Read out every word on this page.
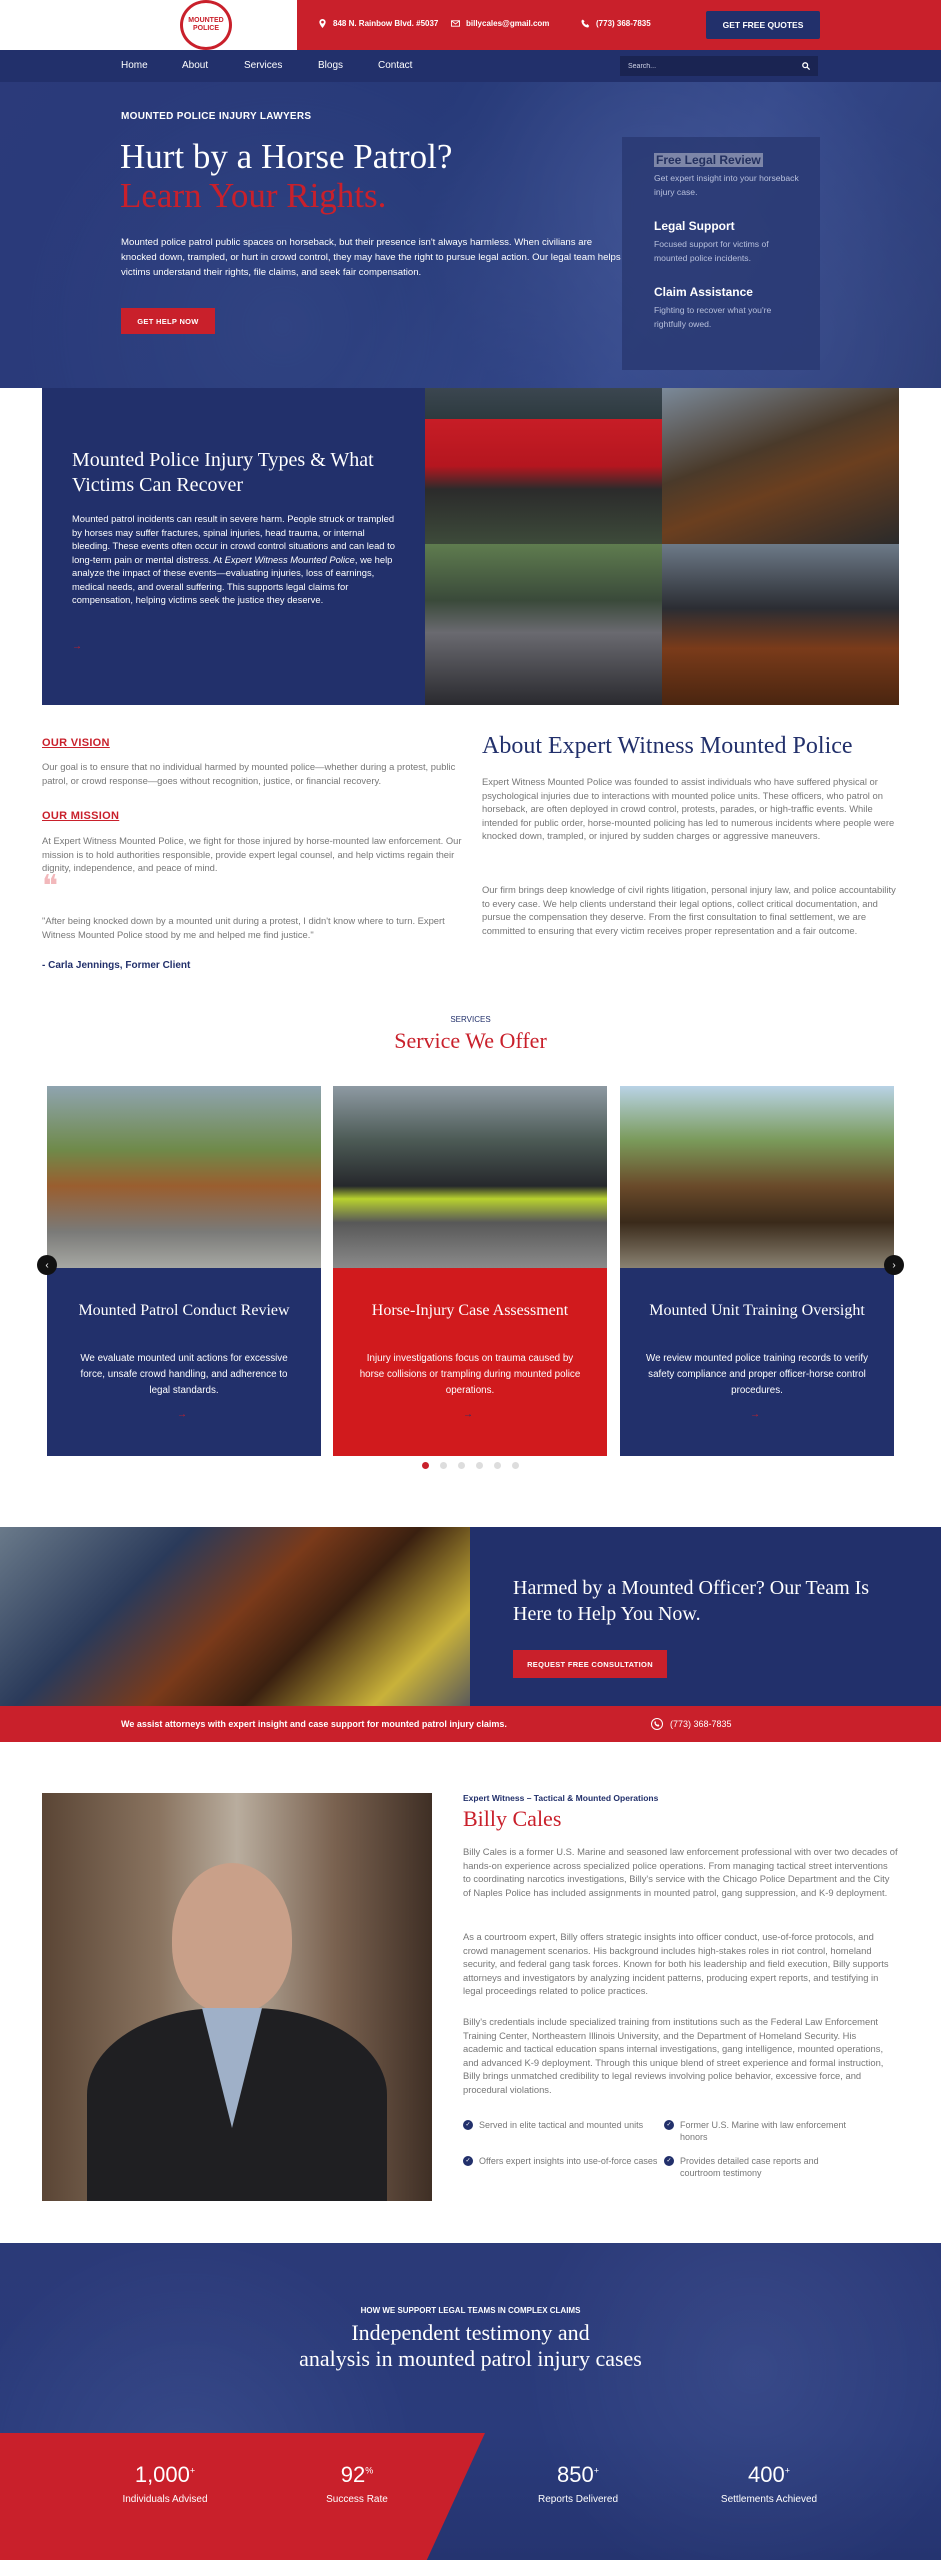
MOUNTED POLICE
848 N. Rainbow Blvd. #5037	billycales@gmail.com	(773) 368-7835	GET FREE QUOTES
Home	About	Services	Blogs	Contact
Search...
MOUNTED POLICE INJURY LAWYERS
Hurt by a Horse Patrol?
Learn Your Rights.
Mounted police patrol public spaces on horseback, but their presence isn't always harmless. When civilians are knocked down, trampled, or hurt in crowd control, they may have the right to pursue legal action. Our legal team helps victims understand their rights, file claims, and seek fair compensation.
GET HELP NOW
Free Legal Review
Get expert insight into your horseback injury case.
Legal Support
Focused support for victims of mounted police incidents.
Claim Assistance
Fighting to recover what you're rightfully owed.
Mounted Police Injury Types & What Victims Can Recover
Mounted patrol incidents can result in severe harm. People struck or trampled by horses may suffer fractures, spinal injuries, head trauma, or internal bleeding. These events often occur in crowd control situations and can lead to long-term pain or mental distress. At Expert Witness Mounted Police, we help analyze the impact of these events—evaluating injuries, loss of earnings, medical needs, and overall suffering. This supports legal claims for compensation, helping victims seek the justice they deserve.
→
OUR VISION
Our goal is to ensure that no individual harmed by mounted police—whether during a protest, public patrol, or crowd response—goes without recognition, justice, or financial recovery.
OUR MISSION
At Expert Witness Mounted Police, we fight for those injured by horse-mounted law enforcement. Our mission is to hold authorities responsible, provide expert legal counsel, and help victims regain their dignity, independence, and peace of mind.
❝
"After being knocked down by a mounted unit during a protest, I didn't know where to turn. Expert Witness Mounted Police stood by me and helped me find justice."
- Carla Jennings, Former Client
About Expert Witness Mounted Police
Expert Witness Mounted Police was founded to assist individuals who have suffered physical or psychological injuries due to interactions with mounted police units. These officers, who patrol on horseback, are often deployed in crowd control, protests, parades, or high-traffic events. While intended for public order, horse-mounted policing has led to numerous incidents where people were knocked down, trampled, or injured by sudden charges or aggressive maneuvers.
Our firm brings deep knowledge of civil rights litigation, personal injury law, and police accountability to every case. We help clients understand their legal options, collect critical documentation, and pursue the compensation they deserve. From the first consultation to final settlement, we are committed to ensuring that every victim receives proper representation and a fair outcome.
SERVICES
Service We Offer
Mounted Patrol Conduct Review
We evaluate mounted unit actions for excessive force, unsafe crowd handling, and adherence to legal standards.
→
Horse-Injury Case Assessment
Injury investigations focus on trauma caused by horse collisions or trampling during mounted police operations.
→
Mounted Unit Training Oversight
We review mounted police training records to verify safety compliance and proper officer-horse control procedures.
→
‹	›
Harmed by a Mounted Officer? Our Team Is Here to Help You Now.
REQUEST FREE CONSULTATION
We assist attorneys with expert insight and case support for mounted patrol injury claims.	(773) 368-7835
Expert Witness – Tactical & Mounted Operations
Billy Cales
Billy Cales is a former U.S. Marine and seasoned law enforcement professional with over two decades of hands-on experience across specialized police operations. From managing tactical street interventions to coordinating narcotics investigations, Billy's service with the Chicago Police Department and the City of Naples Police has included assignments in mounted patrol, gang suppression, and K-9 deployment.
As a courtroom expert, Billy offers strategic insights into officer conduct, use-of-force protocols, and crowd management scenarios. His background includes high-stakes roles in riot control, homeland security, and federal gang task forces. Known for both his leadership and field execution, Billy supports attorneys and investigators by analyzing incident patterns, producing expert reports, and testifying in legal proceedings related to police practices.
Billy's credentials include specialized training from institutions such as the Federal Law Enforcement Training Center, Northeastern Illinois University, and the Department of Homeland Security. His academic and tactical education spans internal investigations, gang intelligence, mounted operations, and advanced K-9 deployment. Through this unique blend of street experience and formal instruction, Billy brings unmatched credibility to legal reviews involving police behavior, excessive force, and procedural violations.
✓ Served in elite tactical and mounted units	✓ Former U.S. Marine with law enforcement honors
✓ Offers expert insights into use-of-force cases	✓ Provides detailed case reports and courtroom testimony
HOW WE SUPPORT LEGAL TEAMS IN COMPLEX CLAIMS
Independent testimony and
analysis in mounted patrol injury cases
1,000+
Individuals Advised
92%
Success Rate
850+
Reports Delivered
400+
Settlements Achieved
